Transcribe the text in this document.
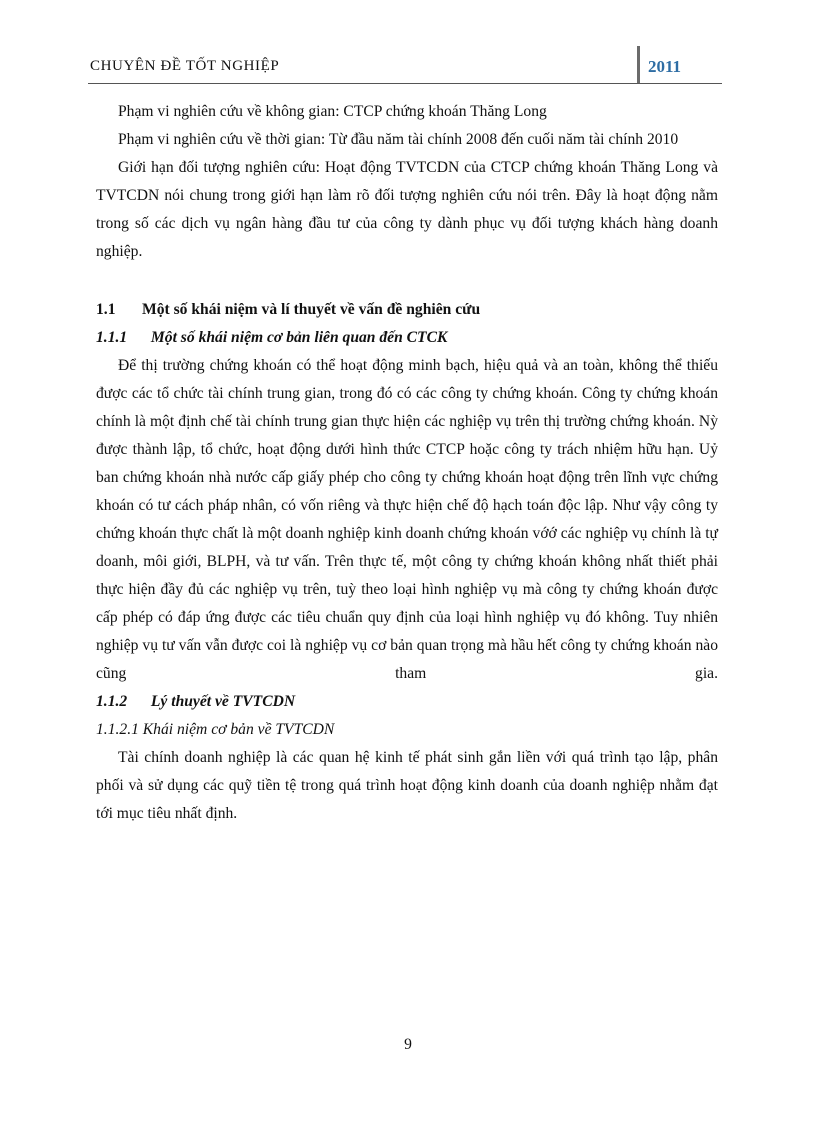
CHUYÊN ĐỀ TỐT NGHIỆP	2011

Phạm vi nghiên cứu về không gian: CTCP chứng khoán Thăng Long

Phạm vi nghiên cứu về thời gian: Từ đầu năm tài chính 2008 đến cuối năm tài chính 2010

Giới hạn đối tượng nghiên cứu: Hoạt động TVTCDN của CTCP chứng khoán Thăng Long và TVTCDN nói chung trong giới hạn làm rõ đối tượng nghiên cứu nói trên. Đây là hoạt động nằm trong số các dịch vụ ngân hàng đầu tư của công ty dành phục vụ đối tượng khách hàng doanh nghiệp.

1.1	Một số khái niệm và lí thuyết về vấn đề nghiên cứu
1.1.1 Một số khái niệm cơ bản liên quan đến CTCK

Để thị trường chứng khoán có thể hoạt động minh bạch, hiệu quả và an toàn, không thể thiếu được các tổ chức tài chính trung gian, trong đó có các công ty chứng khoán. Công ty chứng khoán chính là một định chế tài chính trung gian thực hiện các nghiệp vụ trên thị trường chứng khoán. Nỳ được thành lập, tổ chức, hoạt động dưới hình thức CTCP hoặc công ty trách nhiệm hữu hạn. Uỷ ban chứng khoán nhà nước cấp giấy phép cho công ty chứng khoán hoạt động trên lĩnh vực chứng khoán có tư cách pháp nhân, có vốn riêng và thực hiện chế độ hạch toán độc lập. Như vậy công ty chứng khoán thực chất là một doanh nghiệp kinh doanh chứng khoán vớớ các nghiệp vụ chính là tự doanh, môi giới, BLPH, và tư vấn. Trên thực tế, một công ty chứng khoán không nhất thiết phải thực hiện đầy đủ các nghiệp vụ trên, tuỳ theo loại hình nghiệp vụ mà công ty chứng khoán được cấp phép có đáp ứng được các tiêu chuẩn quy định của loại hình nghiệp vụ đó không. Tuy nhiên nghiệp vụ tư vấn vẫn được coi là nghiệp vụ cơ bản quan trọng mà hầu hết công ty chứng khoán nào cũng tham gia.

1.1.2 Lý thuyết về TVTCDN
1.1.2.1 Khái niệm cơ bản về TVTCDN

Tài chính doanh nghiệp là các quan hệ kinh tế phát sinh gắn liền với quá trình tạo lập, phân phối và sử dụng các quỹ tiền tệ trong quá trình hoạt động kinh doanh của doanh nghiệp nhằm đạt tới mục tiêu nhất định.

9
